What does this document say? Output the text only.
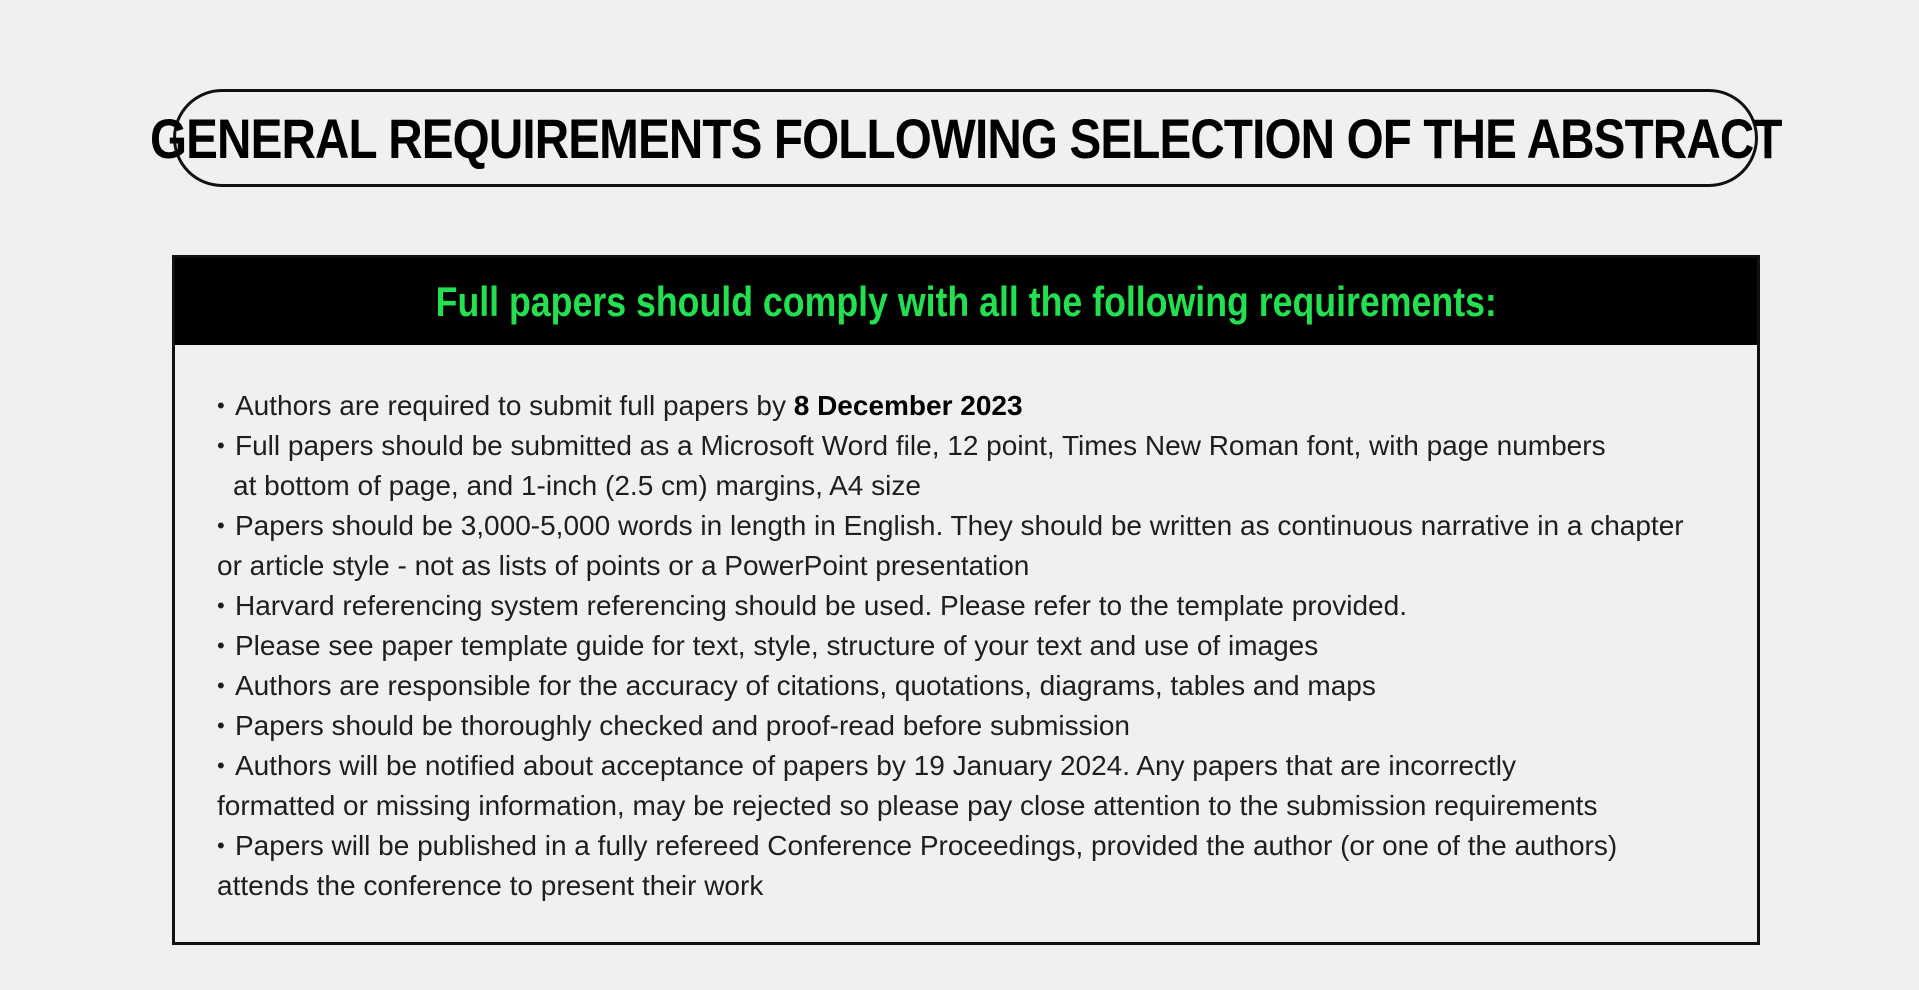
GENERAL REQUIREMENTS FOLLOWING SELECTION OF THE ABSTRACT
Full papers should comply with all the following requirements:
• Authors are required to submit full papers by 8 December 2023
• Full papers should be submitted as a Microsoft Word file, 12 point, Times New Roman font, with page numbers
at bottom of page, and 1-inch (2.5 cm) margins, A4 size
• Papers should be 3,000-5,000 words in length in English. They should be written as continuous narrative in a chapter
or article style - not as lists of points or a PowerPoint presentation
• Harvard referencing system referencing should be used. Please refer to the template provided.
• Please see paper template guide for text, style, structure of your text and use of images
• Authors are responsible for the accuracy of citations, quotations, diagrams, tables and maps
• Papers should be thoroughly checked and proof-read before submission
• Authors will be notified about acceptance of papers by 19 January 2024. Any papers that are incorrectly
formatted or missing information, may be rejected so please pay close attention to the submission requirements
• Papers will be published in a fully refereed Conference Proceedings, provided the author (or one of the authors)
attends the conference to present their work
